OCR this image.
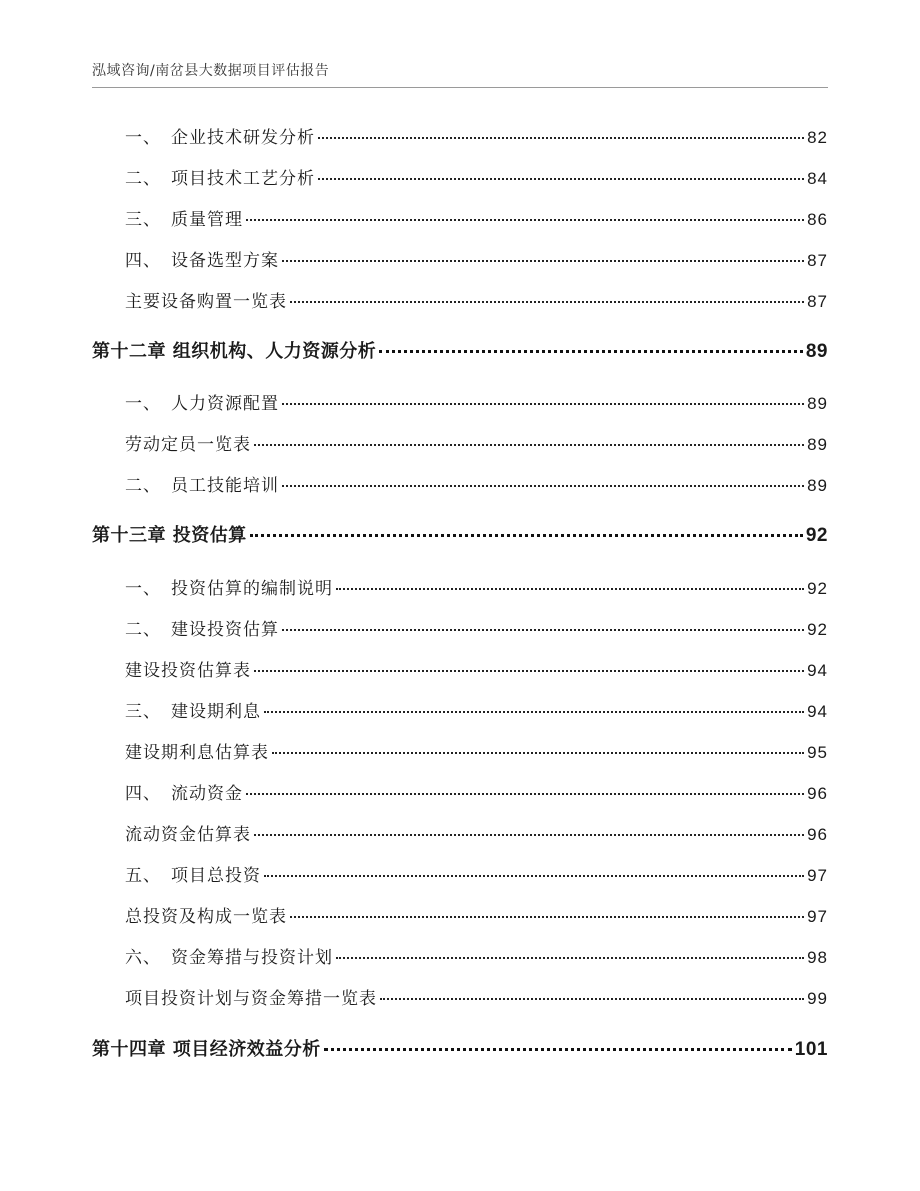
泓域咨询/南岔县大数据项目评估报告
一、 企业技术研发分析	82
二、 项目技术工艺分析	84
三、 质量管理	86
四、 设备选型方案	87
主要设备购置一览表	87
第十二章 组织机构、人力资源分析	89
一、 人力资源配置	89
劳动定员一览表	89
二、 员工技能培训	89
第十三章 投资估算	92
一、 投资估算的编制说明	92
二、 建设投资估算	92
建设投资估算表	94
三、 建设期利息	94
建设期利息估算表	95
四、 流动资金	96
流动资金估算表	96
五、 项目总投资	97
总投资及构成一览表	97
六、 资金筹措与投资计划	98
项目投资计划与资金筹措一览表	99
第十四章 项目经济效益分析	101
